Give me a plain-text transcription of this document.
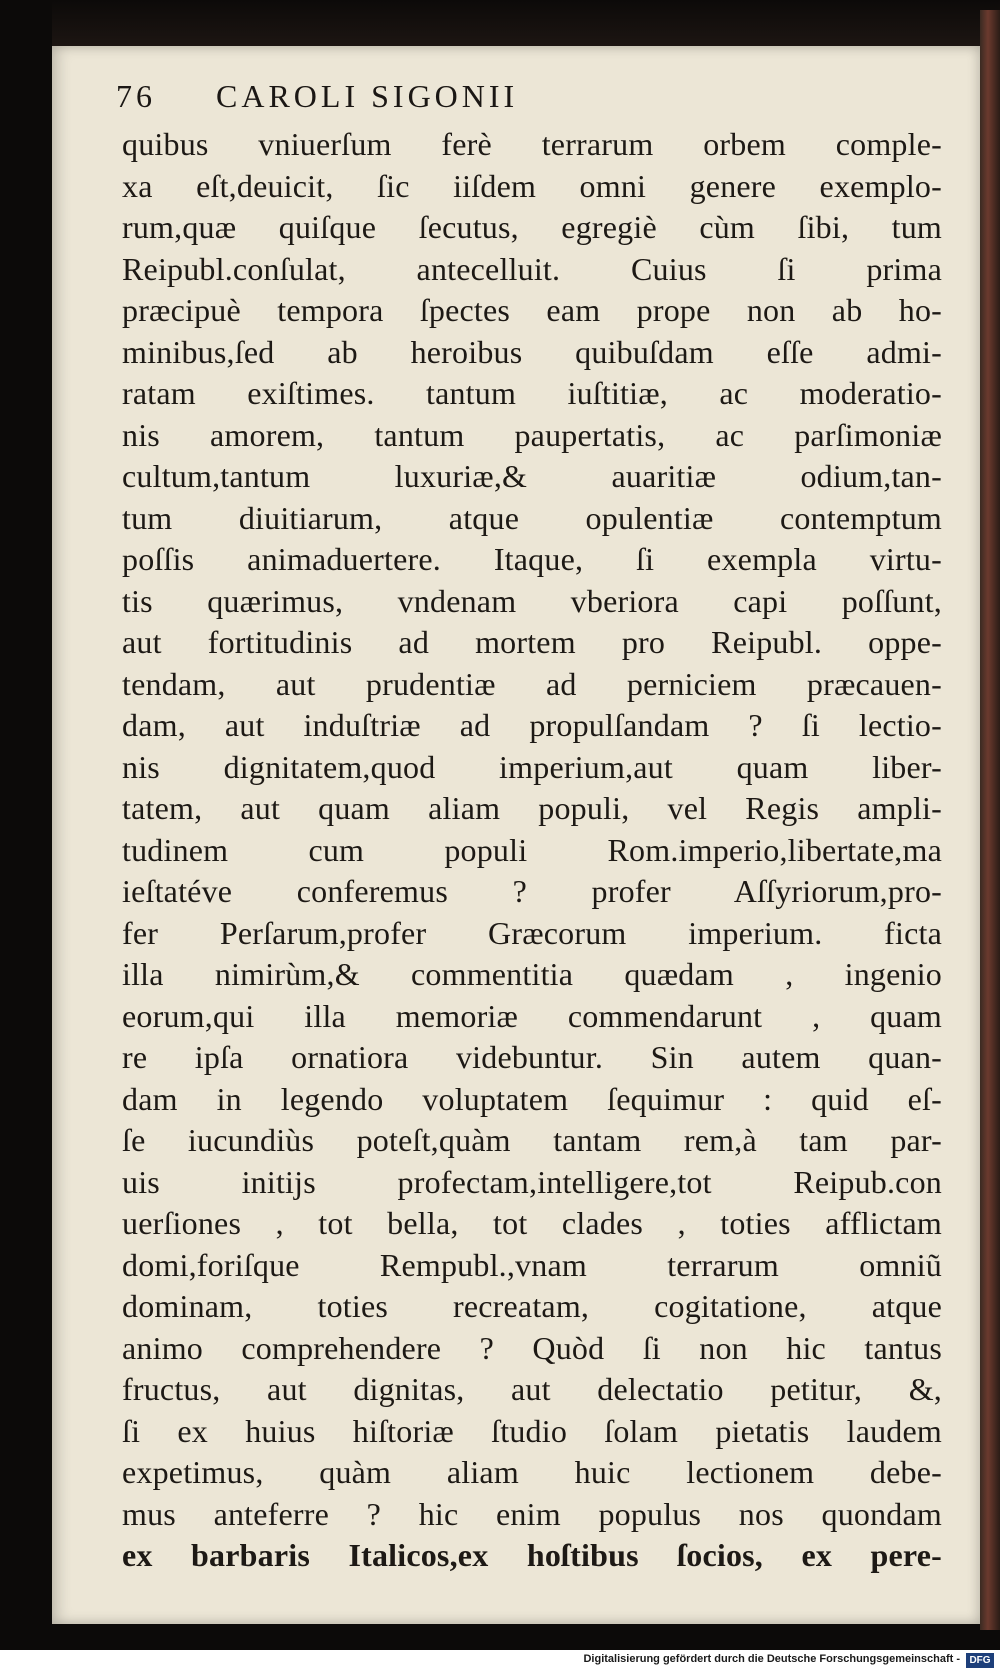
76 CAROLI SIGONII
quibus vniuerſum ferè terrarum orbem comple-
xa eſt,deuicit, ſic iiſdem omni genere exemplo-
rum,quæ quiſque ſecutus, egregiè cùm ſibi, tum
Reipubl.conſulat, antecelluit. Cuius ſi prima
præcipuè tempora ſpectes eam prope non ab ho-
minibus,ſed ab heroibus quibuſdam eſſe admi-
ratam exiſtimes. tantum iuſtitiæ, ac moderatio-
nis amorem, tantum paupertatis, ac parſimoniæ
cultum,tantum luxuriæ,& auaritiæ odium,tan-
tum diuitiarum, atque opulentiæ contemptum
poſſis animaduertere. Itaque, ſi exempla virtu-
tis quærimus, vndenam vberiora capi poſſunt,
aut fortitudinis ad mortem pro Reipubl. oppe-
tendam, aut prudentiæ ad perniciem præcauen-
dam, aut induſtriæ ad propulſandam ? ſi lectio-
nis dignitatem,quod imperium,aut quam liber-
tatem, aut quam aliam populi, vel Regis ampli-
tudinem cum populi Rom.imperio,libertate,ma
ieſtatéve conferemus ? profer Aſſyriorum,pro-
fer Perſarum,profer Græcorum imperium. ficta
illa nimirùm,& commentitia quædam , ingenio
eorum,qui illa memoriæ commendarunt , quam
re ipſa ornatiora videbuntur. Sin autem quan-
dam in legendo voluptatem ſequimur : quid eſ-
ſe iucundiùs poteſt,quàm tantam rem,à tam par-
uis initijs profectam,intelligere,tot Reipub.con
uerſiones , tot bella, tot clades , toties afflictam
domi,foriſque Rempubl.,vnam terrarum omniũ
dominam, toties recreatam, cogitatione, atque
animo comprehendere ? Quòd ſi non hic tantus
fructus, aut dignitas, aut delectatio petitur, &,
ſi ex huius hiſtoriæ ſtudio ſolam pietatis laudem
expetimus, quàm aliam huic lectionem debe-
mus anteferre ? hic enim populus nos quondam
ex barbaris Italicos,ex hoſtibus ſocios, ex pere-
Digitalisierung gefördert durch die Deutsche Forschungsgemeinschaft - DFG
